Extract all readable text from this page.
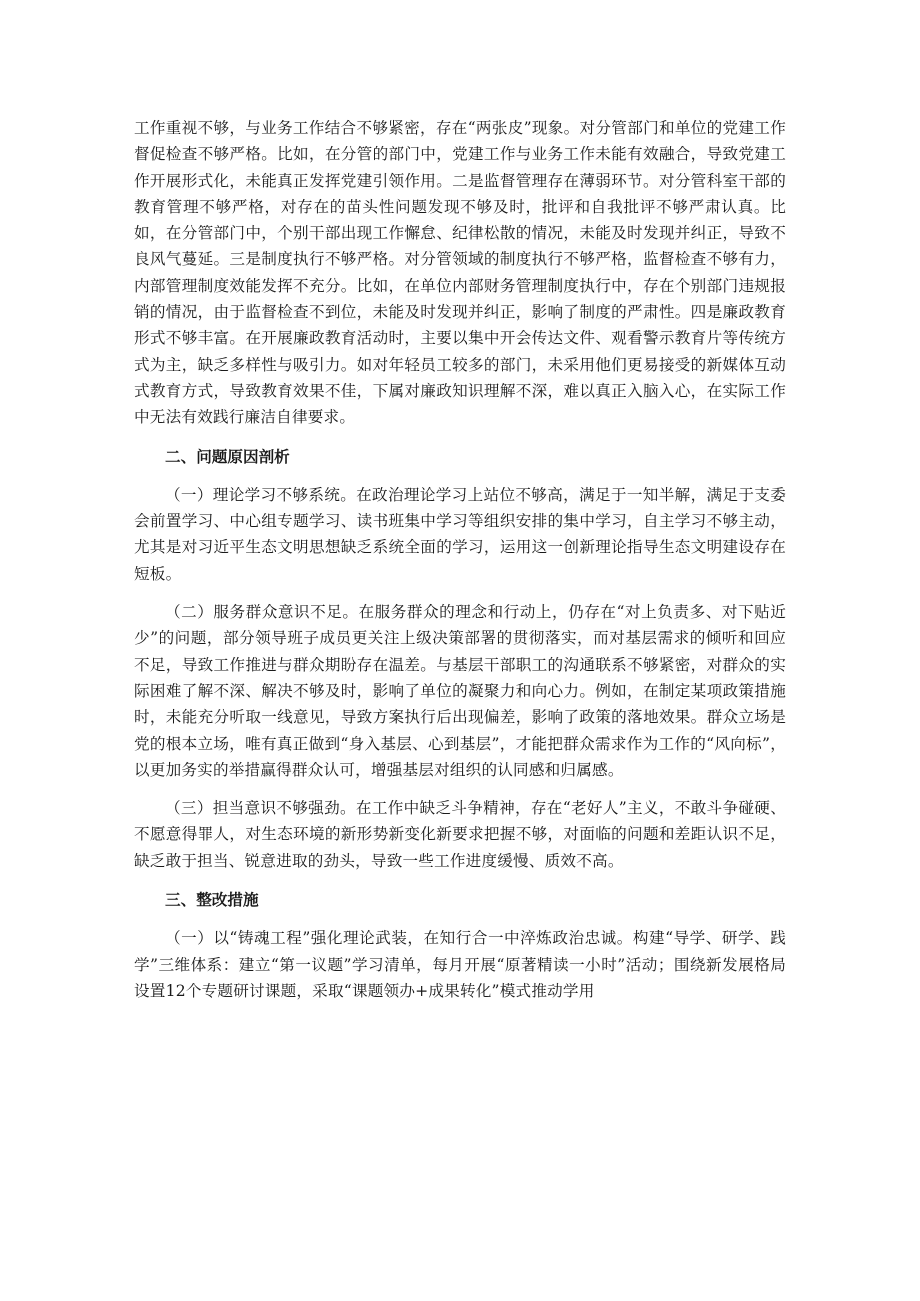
工作重视不够，与业务工作结合不够紧密，存在“两张皮”现象。对分管部门和单位的党建工作督促检查不够严格。比如，在分管的部门中，党建工作与业务工作未能有效融合，导致党建工作开展形式化，未能真正发挥党建引领作用。二是监督管理存在薄弱环节。对分管科室干部的教育管理不够严格，对存在的苗头性问题发现不够及时，批评和自我批评不够严肃认真。比如，在分管部门中，个别干部出现工作懈怠、纪律松散的情况，未能及时发现并纠正，导致不良风气蔓延。三是制度执行不够严格。对分管领域的制度执行不够严格，监督检查不够有力，内部管理制度效能发挥不充分。比如，在单位内部财务管理制度执行中，存在个别部门违规报销的情况，由于监督检查不到位，未能及时发现并纠正，影响了制度的严肃性。四是廉政教育形式不够丰富。在开展廉政教育活动时，主要以集中开会传达文件、观看警示教育片等传统方式为主，缺乏多样性与吸引力。如对年轻员工较多的部门，未采用他们更易接受的新媒体互动式教育方式，导致教育效果不佳，下属对廉政知识理解不深，难以真正入脑入心，在实际工作中无法有效践行廉洁自律要求。

二、问题原因剖析

（一）理论学习不够系统。在政治理论学习上站位不够高，满足于一知半解，满足于支委会前置学习、中心组专题学习、读书班集中学习等组织安排的集中学习，自主学习不够主动，尤其是对习近平生态文明思想缺乏系统全面的学习，运用这一创新理论指导生态文明建设存在短板。

（二）服务群众意识不足。在服务群众的理念和行动上，仍存在“对上负责多、对下贴近少”的问题，部分领导班子成员更关注上级决策部署的贯彻落实，而对基层需求的倾听和回应不足，导致工作推进与群众期盼存在温差。与基层干部职工的沟通联系不够紧密，对群众的实际困难了解不深、解决不够及时，影响了单位的凝聚力和向心力。例如，在制定某项政策措施时，未能充分听取一线意见，导致方案执行后出现偏差，影响了政策的落地效果。群众立场是党的根本立场，唯有真正做到“身入基层、心到基层”，才能把群众需求作为工作的“风向标”，以更加务实的举措赢得群众认可，增强基层对组织的认同感和归属感。

（三）担当意识不够强劲。在工作中缺乏斗争精神，存在“老好人”主义，不敢斗争碰硬、不愿意得罪人，对生态环境的新形势新变化新要求把握不够，对面临的问题和差距认识不足，缺乏敢于担当、锐意进取的劲头，导致一些工作进度缓慢、质效不高。

三、整改措施

（一）以“铸魂工程”强化理论武装，在知行合一中淬炼政治忠诚。构建“导学、研学、践学”三维体系：建立“第一议题”学习清单，每月开展“原著精读一小时”活动；围绕新发展格局设置12个专题研讨课题，采取“课题领办+成果转化”模式推动学用
